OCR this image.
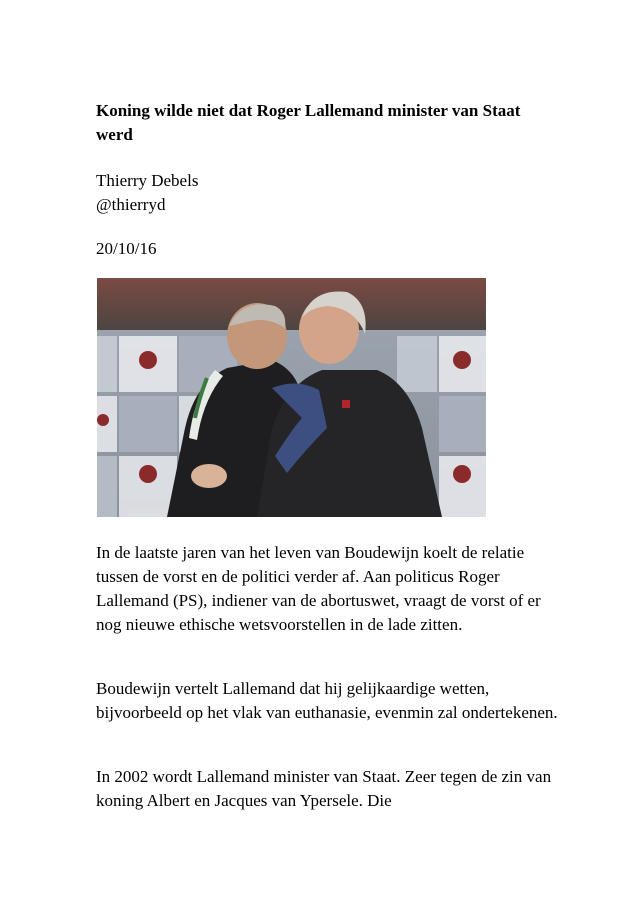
Koning wilde niet dat Roger Lallemand minister van Staat werd
Thierry Debels
@thierryd
20/10/16

In de laatste jaren van het leven van Boudewijn koelt de relatie tussen de vorst en de politici verder af. Aan politicus Roger Lallemand (PS), indiener van de abortuswet, vraagt de vorst of er nog nieuwe ethische wetsvoorstellen in de lade zitten.

Boudewijn vertelt Lallemand dat hij gelijkaardige wetten, bijvoorbeeld op het vlak van euthanasie, evenmin zal ondertekenen.

In 2002 wordt Lallemand minister van Staat. Zeer tegen de zin van koning Albert en Jacques van Ypersele. Die
